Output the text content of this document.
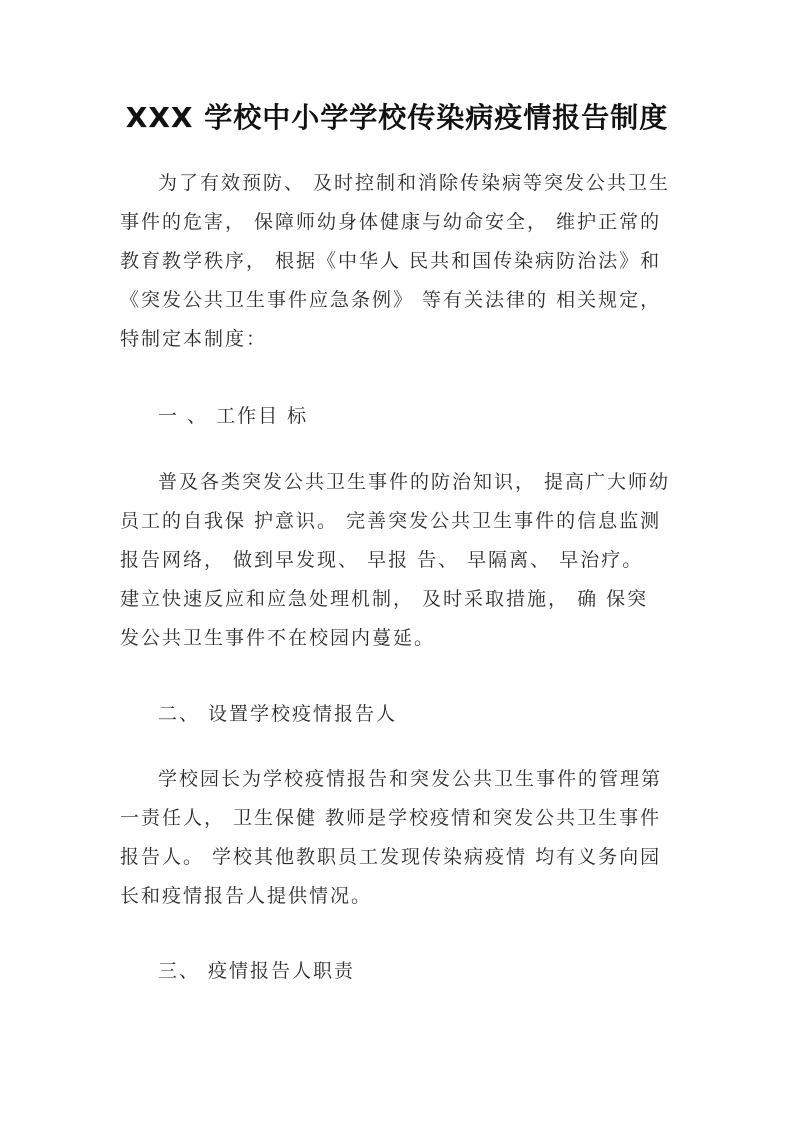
XXX 学校中小学学校传染病疫情报告制度
为了有效预防、 及时控制和消除传染病等突发公共卫生
事件的危害， 保障师幼身体健康与幼命安全， 维护正常的
教育教学秩序， 根据《中华人 民共和国传染病防治法》和
《突发公共卫生事件应急条例》 等有关法律的 相关规定，
特制定本制度：

一 、 工作目 标

普及各类突发公共卫生事件的防治知识， 提高广大师幼
员工的自我保 护意识。 完善突发公共卫生事件的信息监测
报告网络， 做到早发现、 早报 告、 早隔离、 早治疗。
建立快速反应和应急处理机制， 及时采取措施， 确 保突
发公共卫生事件不在校园内蔓延。

二、 设置学校疫情报告人

学校园长为学校疫情报告和突发公共卫生事件的管理第
一责任人， 卫生保健 教师是学校疫情和突发公共卫生事件
报告人。 学校其他教职员工发现传染病疫情 均有义务向园
长和疫情报告人提供情况。

三、 疫情报告人职责
